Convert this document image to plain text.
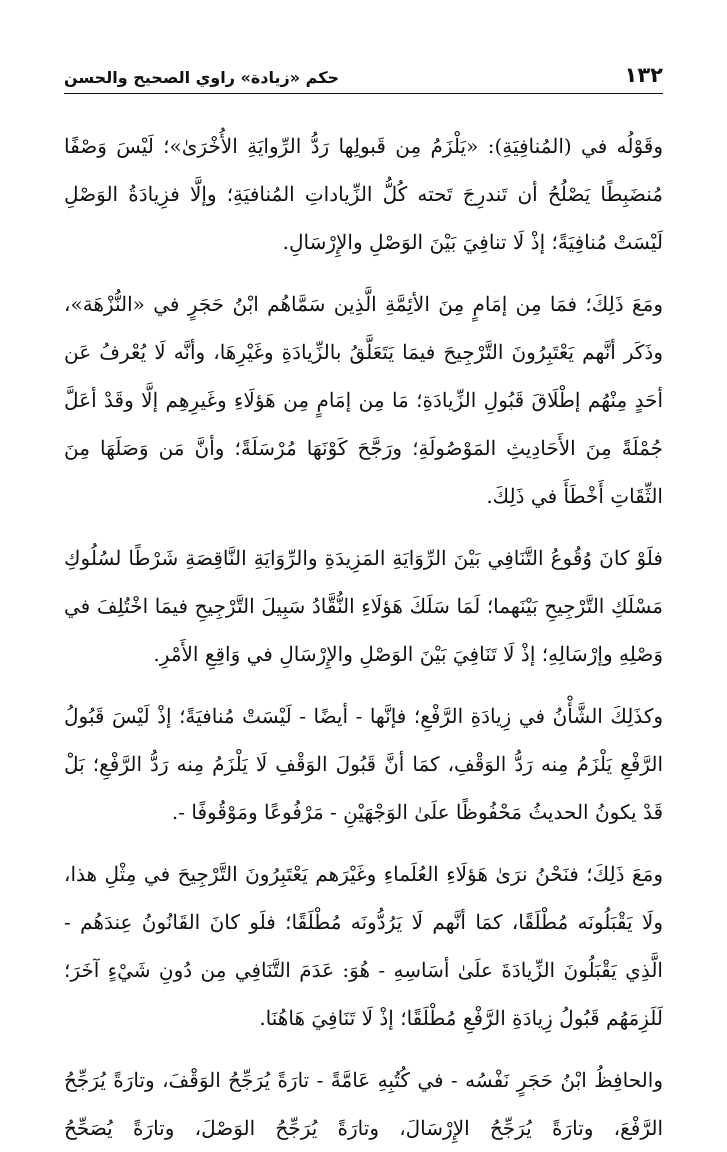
١٣٢
حكم «زيادة» راوي الصحيح والحسن

وقَوْلُه في (المُنافِيَةِ): «يَلْزَمُ مِن قَبولِها رَدُّ الرِّوايَةِ الأُخْرَىٰ»؛ لَيْسَ وَصْفًا مُنضَبِطًا يَصْلُحُ أن تَندرِجَ تَحته كُلُّ الزِّياداتِ المُنافيَةِ؛ وإلَّا فزِيادَةُ الوَصْلِ لَيْسَتْ مُنافِيَةً؛ إذْ لَا تنافِيَ بَيْنَ الوَصْلِ والإِرْسَالِ.

ومَعَ ذَلِكَ؛ فمَا مِن إمَامٍ مِنَ الأئِمَّةِ الَّذِين سَمَّاهُم ابْنُ حَجَرٍ في «النُّزْهَة»، وذَكَر أنَّهم يَعْتَبِرُونَ التَّرْجِيحَ فيمَا يَتَعَلَّقُ بالزِّيادَةِ وغَيْرِهَا، وأنَّه لَا يُعْرفُ عَن أحَدٍ مِنْهُم إطْلَاقَ قَبُولِ الزِّيادَةِ؛ مَا مِن إمَامٍ مِن هَؤلَاءِ وغَيرِهِم إلَّا وقَدْ أعَلَّ جُمْلَةً مِنَ الأَحَادِيثِ المَوْصُولَةِ؛ ورَجَّحَ كَوْنَهَا مُرْسَلَةً؛ وأنَّ مَن وَصَلَهَا مِنَ الثِّقَاتِ أَخْطَأَ في ذَلِكَ.

فلَوْ كانَ وُقُوعُ التَّنَافِي بَيْنَ الرِّوَايَةِ المَزِيدَةِ والرِّوَايَةِ النَّاقِصَةِ شَرْطًا لسُلُوكِ مَسْلَكِ التَّرْجِيحِ بَيْنَهما؛ لَمَا سَلَكَ هَؤلَاءِ النُّقَّادُ سَبِيلَ التَّرْجِيحِ فيمَا اخْتُلِفَ في وَصْلِهِ وإرْسَالِهِ؛ إذْ لَا تَنَافِيَ بَيْنَ الوَصْلِ والإِرْسَالِ في وَاقِعِ الأَمْرِ.

وكذَلِكَ الشَّأْنُ في زِيادَةِ الرَّفْعِ؛ فإنَّها - أيضًا - لَيْسَتْ مُنافيَةً؛ إذْ لَيْسَ قَبُولُ الرَّفْعِ يَلْزَمُ مِنه رَدُّ الوَقْفِ، كمَا أنَّ قَبُولَ الوَقْفِ لَا يَلْزَمُ مِنه رَدُّ الرَّفْعِ؛ بَلْ قَدْ يكونُ الحديثُ مَحْفُوظًا علَىٰ الوَجْهَيْنِ - مَرْفُوعًا ومَوْقُوفًا -.

ومَعَ ذَلِكَ؛ فنَحْنُ نرَىٰ هَؤلَاءِ العُلَماءِ وغَيْرَهم يَعْتَبِرُونَ التَّرْجِيحَ في مِثْلِ هذا، ولَا يَقْبَلُونَه مُطْلَقًا، كمَا أنَّهم لَا يَرُدُّونَه مُطْلَقًا؛ فلَو كانَ القَانُونُ عِندَهُم - الَّذِي يَقْبَلُونَ الزِّيادَةَ علَىٰ أسَاسِهِ - هُوَ: عَدَمَ التَّنَافِي مِن دُونِ شَيْءٍ آخَرَ؛ لَلَزِمَهُم قَبُولُ زِيادَةِ الرَّفْعِ مُطْلَقًا؛ إذْ لَا تَنَافِيَ هَاهُنَا.

والحافِظُ ابْنُ حَجَرٍ نَفْسُه - في كُتُبِهِ عَامَّةً - تارَةً يُرَجِّحُ الوَقْفَ، وتارَةً يُرَجِّحُ الرَّفْعَ، وتارَةً يُرَجِّحُ الإِرْسَالَ، وتارَةً يُرَجِّحُ الوَصْلَ، وتارَةً يُصَحِّحُ
